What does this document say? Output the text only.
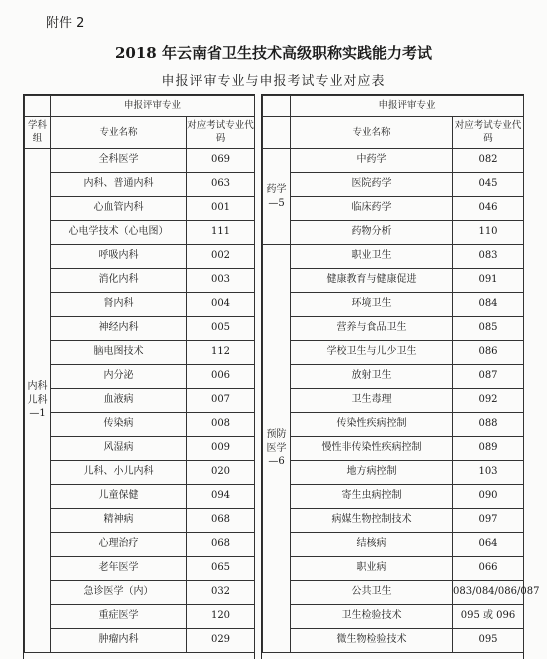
附件 2
2018 年云南省卫生技术高级职称实践能力考试
申报评审专业与申报考试专业对应表
	申报评审专业	
学科组	专业名称	对应考试专业代码
内科儿科—1	全科医学	069
	内科、普通内科	063
	心血管内科	001
	心电学技术（心电图）	111
	呼吸内科	002
	消化内科	003
	肾内科	004
	神经内科	005
	脑电图技术	112
	内分泌	006
	血液病	007
	传染病	008
	风湿病	009
	儿科、小儿内科	020
	儿童保健	094
	精神病	068
	心理治疗	068
	老年医学	065
	急诊医学（内）	032
	重症医学	120
	肿瘤内科	029
	申报评审专业	
	专业名称	对应考试专业代码
药学—5	中药学	082
	医院药学	045
	临床药学	046
	药物分析	110
预防医学—6	职业卫生	083
	健康教育与健康促进	091
	环境卫生	084
	营养与食品卫生	085
	学校卫生与儿少卫生	086
	放射卫生	087
	卫生毒理	092
	传染性疾病控制	088
	慢性非传染性疾病控制	089
	地方病控制	103
	寄生虫病控制	090
	病媒生物控制技术	097
	结核病	064
	职业病	066
	公共卫生	083/084/086/087
	卫生检验技术	095 或 096
	微生物检验技术	095
